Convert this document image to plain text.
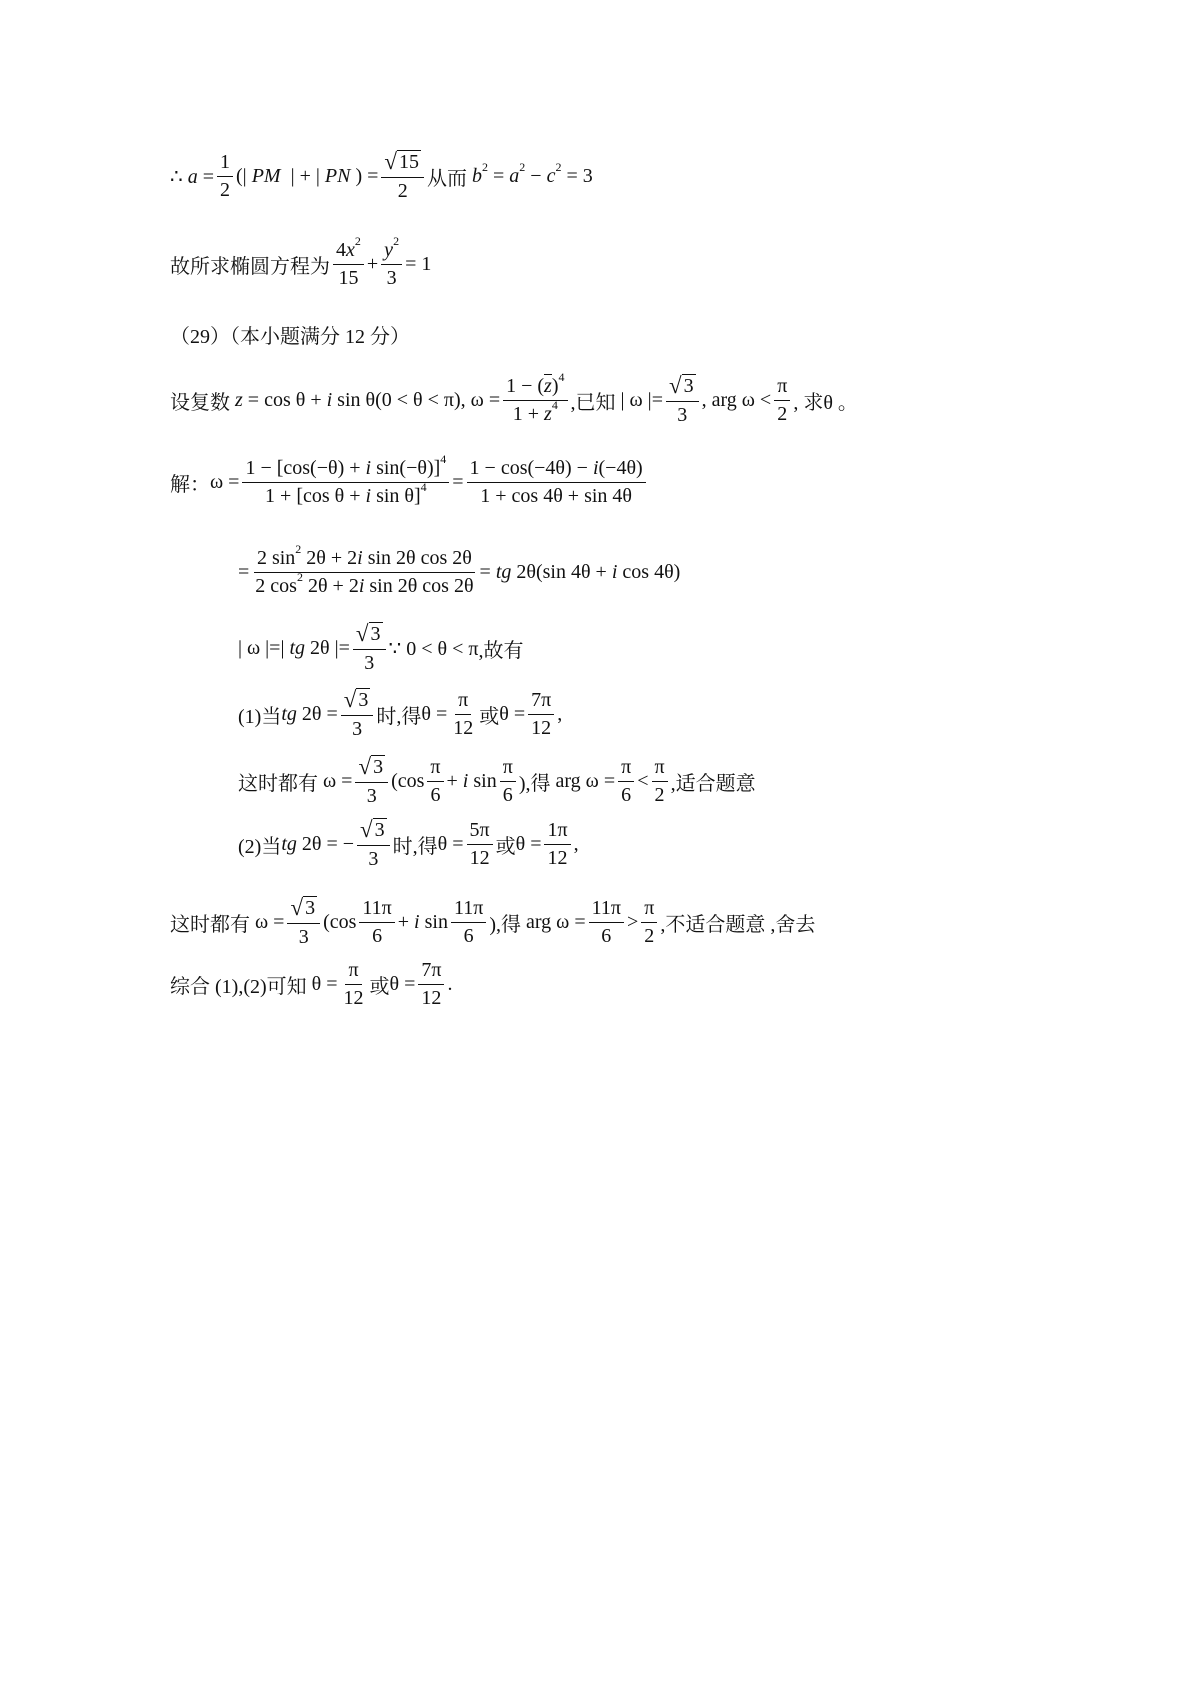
∴ $a = \frac{1}{2}$ (| PM  | + | PN ) = $\frac{√ 15}{2}$ 从而 $b^2 = a^2 - c^2 = 3$
故所求椭圆方程为 $\frac{4x^2}{15} + \frac{y^2}{3} = 1$
（29）（本小题满分 12 分）
设复数 z = cos θ + i sin θ(0 < θ < π), $\omega = \frac{1 - (z)^4}{1 + z^4}$ ,已知 | ω |= $\frac{√ 3}{3}$ , arg $\omega < \frac{\pi}{2}$ , 求θ 。
解： $\omega = \frac{1 - [\cos(-\theta) + i \sin(-\theta)]^4}{1 + [\cos \theta + i \sin \theta]^4} = \frac{1 - \cos(-4\theta) - i(-4\theta)}{1 + \cos 4\theta + \sin 4\theta}$
= $\frac{2 \sin^2 2\theta + 2i \sin 2\theta \cos 2\theta}{2 \cos^2 2\theta + 2i \sin 2\theta \cos 2\theta}$ = tg 2θ(sin 4θ + i cos 4θ)
| ω |=| tg 2θ |= $\frac{√ 3}{3}$ ∵ 0 < θ < π ,故有
(1)当 tg $2\theta = \frac{√ 3}{3}$ 时 ,得 $\theta = \frac{\pi}{12}$ 或 $\theta = \frac{7\pi}{12}$ ,
这时都有 $\omega = \frac{√ 3}{3} (\cos \frac{\pi}{6} + i$ $\sin \frac{\pi}{6}$ ),得 arg $\omega = \frac{\pi}{6} < \frac{\pi}{2}$ ,适合题意
(2)当 tg 2θ = − $\frac{√ 3}{3}$ 时 ,得 $\theta = \frac{5\pi}{12}$ 或 $\theta = \frac{1\pi}{12}$ ,
这时都有 $\omega = \frac{√ 3}{3} (\cos \frac{11\pi}{6} + i$ $\sin \frac{11\pi}{6}$ ),得 arg $\omega = \frac{11\pi}{6} > \frac{\pi}{2}$ ,不适合题意 ,舍去
综合 (1),(2)可知 $\theta = \frac{\pi}{12}$ 或 $\theta = \frac{7\pi}{12}$ .
